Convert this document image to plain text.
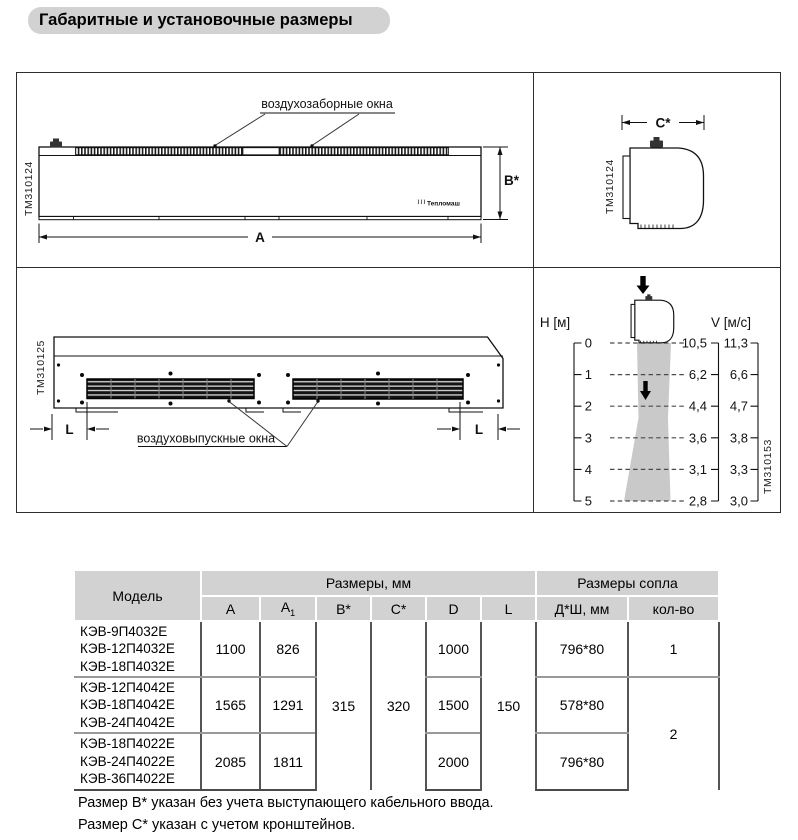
Габаритные и установочные размеры
ТМ310124
воздухозаборные окна
Тепломаш
A
B*	ТМ310124
C*
ТМ310125
L	L
воздуховыпускные окна
H [м]
0
1
2
3
4
5
V [м/с]
10,5
6,2
4,4
3,6
3,1
2,8
11,3
6,6
4,7
3,8
3,3
3,0
ТМ310153
Модель	Размеры, мм						Размеры сопла	
	A	$A_1$	B*	C*	D	L	Д*Ш, мм	кол-во

КЭВ-9П4032Е
КЭВ-12П4032Е
КЭВ-18П4032Е	1100	826	315	320	1000	150	796*80	1

КЭВ-12П4042Е
КЭВ-18П4042Е
КЭВ-24П4042Е	1565	1291			1500		578*80	2

КЭВ-18П4022Е
КЭВ-24П4022Е
КЭВ-36П4022Е	2085	1811			2000		796*80	
Размер B* указан без учета выступающего кабельного ввода.
Размер C* указан с учетом кронштейнов.
